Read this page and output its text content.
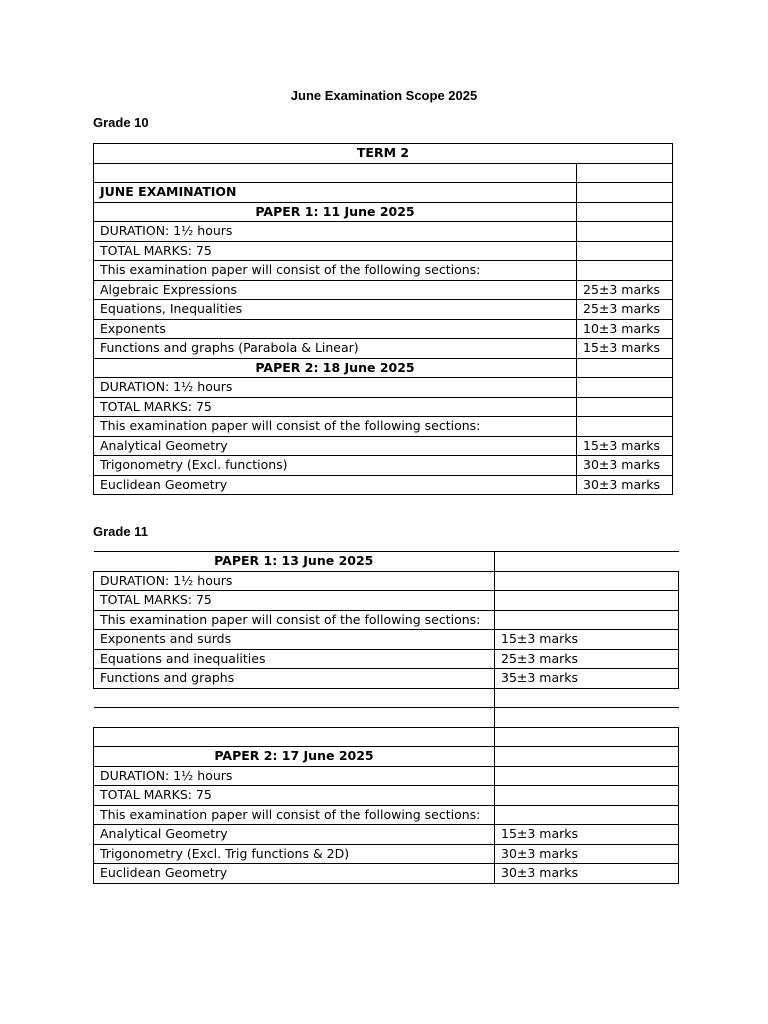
June Examination Scope 2025
Grade 10
TERM 2	

JUNE EXAMINATION	
PAPER 1: 11 June 2025	
DURATION: 1½ hours	
TOTAL MARKS: 75	
This examination paper will consist of the following sections:	
Algebraic Expressions	25±3 marks
Equations, Inequalities	25±3 marks
Exponents	10±3 marks
Functions and graphs (Parabola & Linear)	15±3 marks
PAPER 2: 18 June 2025	
DURATION: 1½ hours	
TOTAL MARKS: 75	
This examination paper will consist of the following sections:	
Analytical Geometry	15±3 marks
Trigonometry (Excl. functions)	30±3 marks
Euclidean Geometry	30±3 marks
Grade 11
PAPER 1: 13 June 2025	
DURATION: 1½ hours	
TOTAL MARKS: 75	
This examination paper will consist of the following sections:	
Exponents and surds	15±3 marks
Equations and inequalities	25±3 marks
Functions and graphs	35±3 marks

PAPER 2: 17 June 2025	
DURATION: 1½ hours	
TOTAL MARKS: 75	
This examination paper will consist of the following sections:	
Analytical Geometry	15±3 marks
Trigonometry (Excl. Trig functions & 2D)	30±3 marks
Euclidean Geometry	30±3 marks
